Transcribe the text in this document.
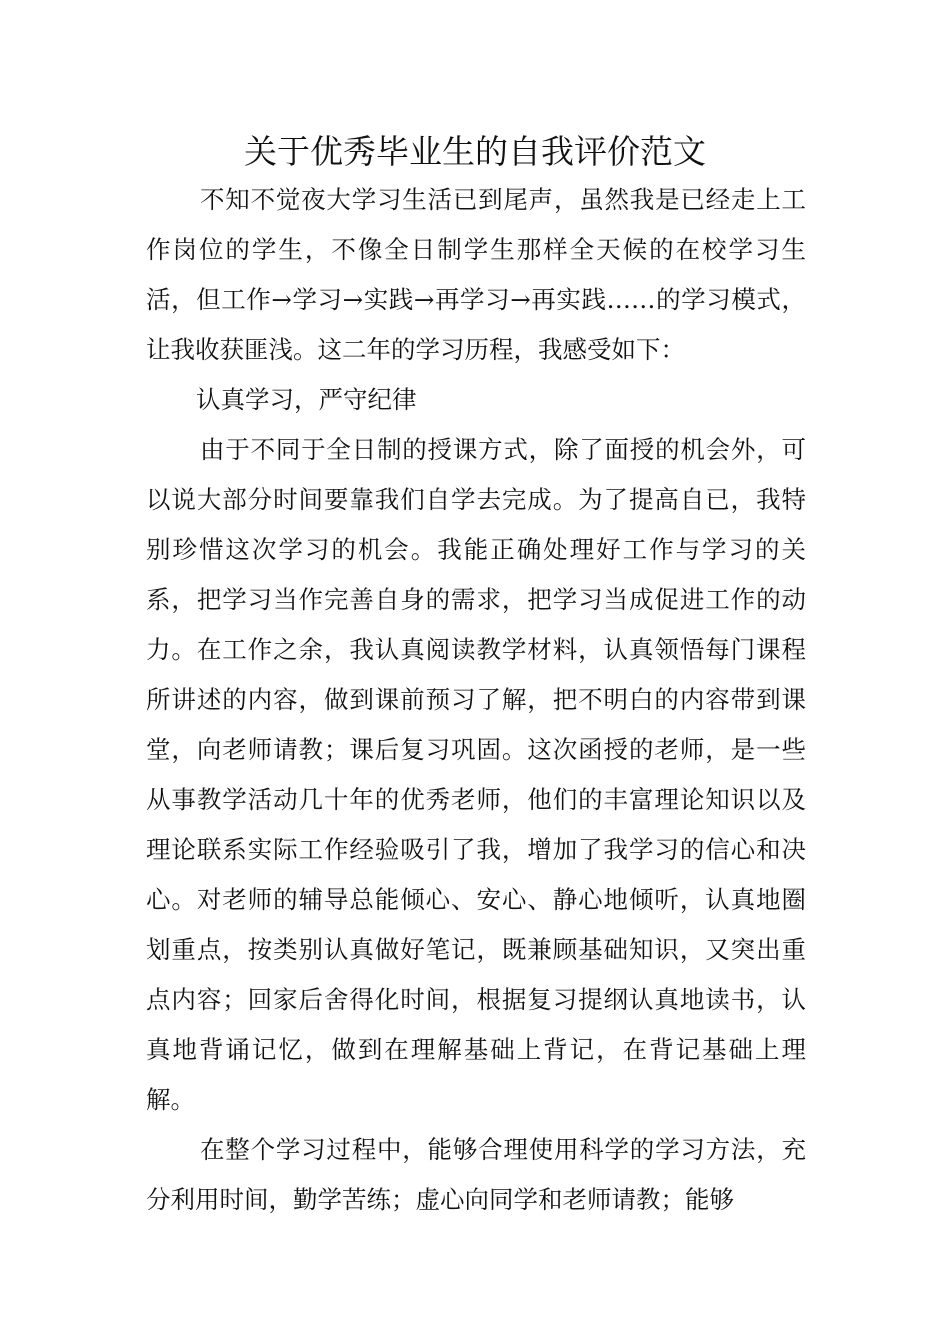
关于优秀毕业生的自我评价范文

不知不觉夜大学习生活已到尾声，虽然我是已经走上工作岗位的学生，不像全日制学生那样全天候的在校学习生活，但工作→学习→实践→再学习→再实践……的学习模式，让我收获匪浅。这二年的学习历程，我感受如下：

认真学习，严守纪律

由于不同于全日制的授课方式，除了面授的机会外，可以说大部分时间要靠我们自学去完成。为了提高自已，我特别珍惜这次学习的机会。我能正确处理好工作与学习的关系，把学习当作完善自身的需求，把学习当成促进工作的动力。在工作之余，我认真阅读教学材料，认真领悟每门课程所讲述的内容，做到课前预习了解，把不明白的内容带到课堂，向老师请教；课后复习巩固。这次函授的老师，是一些从事教学活动几十年的优秀老师，他们的丰富理论知识以及理论联系实际工作经验吸引了我，增加了我学习的信心和决心。对老师的辅导总能倾心、安心、静心地倾听，认真地圈划重点，按类别认真做好笔记，既兼顾基础知识，又突出重点内容；回家后舍得化时间，根据复习提纲认真地读书，认真地背诵记忆，做到在理解基础上背记，在背记基础上理解。

在整个学习过程中，能够合理使用科学的学习方法，充分利用时间，勤学苦练；虚心向同学和老师请教；能够
